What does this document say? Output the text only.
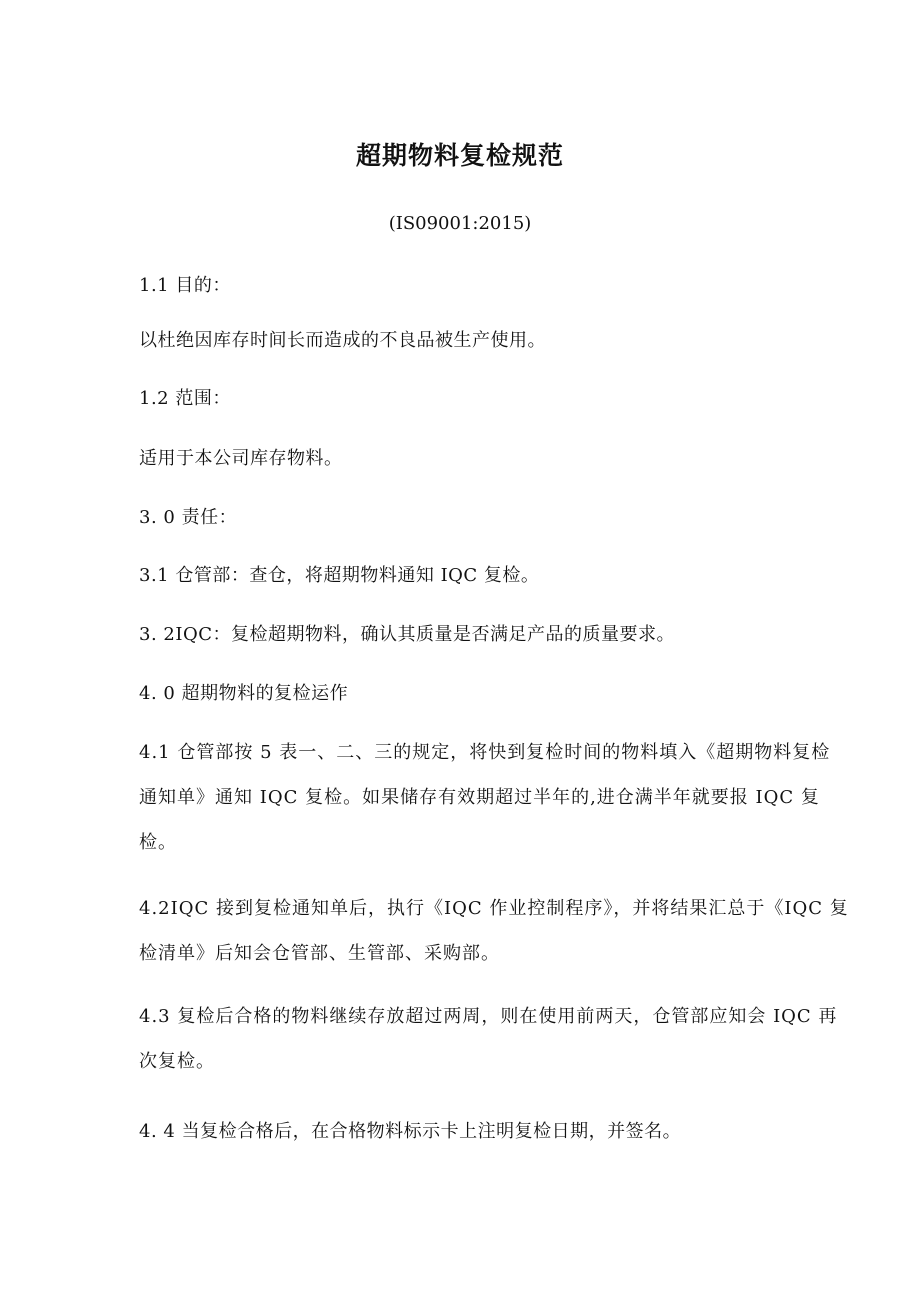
超期物料复检规范
(IS09001:2015)

1.1 目的：

以杜绝因库存时间长而造成的不良品被生产使用。

1.2 范围：

适用于本公司库存物料。

3. 0 责任：

3.1 仓管部：查仓，将超期物料通知 IQC 复检。

3. 2IQC：复检超期物料，确认其质量是否满足产品的质量要求。

4. 0 超期物料的复检运作

4.1 仓管部按 5 表一、二、三的规定，将快到复检时间的物料填入《超期物料复检通知单》通知 IQC 复检。如果储存有效期超过半年的,进仓满半年就要报 IQC 复检。

4.2IQC 接到复检通知单后，执行《IQC 作业控制程序》，并将结果汇总于《IQC 复检清单》后知会仓管部、生管部、采购部。

4.3 复检后合格的物料继续存放超过两周，则在使用前两天，仓管部应知会 IQC 再次复检。

4. 4 当复检合格后，在合格物料标示卡上注明复检日期，并签名。
